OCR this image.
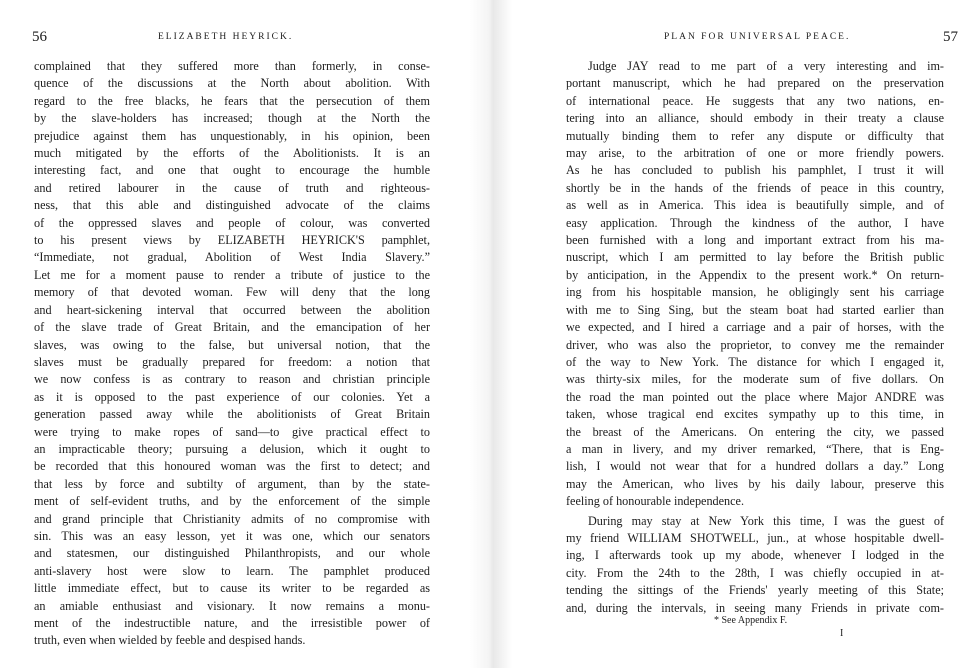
56	ELIZABETH HEYRICK.

complained that they suffered more than formerly, in conse-
quence of the discussions at the North about abolition. With
regard to the free blacks, he fears that the persecution of them
by the slave-holders has increased; though at the North the
prejudice against them has unquestionably, in his opinion, been
much mitigated by the efforts of the Abolitionists. It is an
interesting fact, and one that ought to encourage the humble
and retired labourer in the cause of truth and righteous-
ness, that this able and distinguished advocate of the claims
of the oppressed slaves and people of colour, was converted
to his present views by ELIZABETH HEYRICK'S pamphlet,
“Immediate, not gradual, Abolition of West India Slavery.”
Let me for a moment pause to render a tribute of justice to the
memory of that devoted woman. Few will deny that the long
and heart-sickening interval that occurred between the abolition
of the slave trade of Great Britain, and the emancipation of her
slaves, was owing to the false, but universal notion, that the
slaves must be gradually prepared for freedom: a notion that
we now confess is as contrary to reason and christian principle
as it is opposed to the past experience of our colonies. Yet a
generation passed away while the abolitionists of Great Britain
were trying to make ropes of sand—to give practical effect to
an impracticable theory; pursuing a delusion, which it ought to
be recorded that this honoured woman was the first to detect; and
that less by force and subtilty of argument, than by the state-
ment of self-evident truths, and by the enforcement of the simple
and grand principle that Christianity admits of no compromise with
sin. This was an easy lesson, yet it was one, which our senators
and statesmen, our distinguished Philanthropists, and our whole
anti-slavery host were slow to learn. The pamphlet produced
little immediate effect, but to cause its writer to be regarded as
an amiable enthusiast and visionary. It now remains a monu-
ment of the indestructible nature, and the irresistible power of
truth, even when wielded by feeble and despised hands.

PLAN FOR UNIVERSAL PEACE.	57

Judge JAY read to me part of a very interesting and im-
portant manuscript, which he had prepared on the preservation
of international peace. He suggests that any two nations, en-
tering into an alliance, should embody in their treaty a clause
mutually binding them to refer any dispute or difficulty that
may arise, to the arbitration of one or more friendly powers.
As he has concluded to publish his pamphlet, I trust it will
shortly be in the hands of the friends of peace in this country,
as well as in America. This idea is beautifully simple, and of
easy application. Through the kindness of the author, I have
been furnished with a long and important extract from his ma-
nuscript, which I am permitted to lay before the British public
by anticipation, in the Appendix to the present work.* On return-
ing from his hospitable mansion, he obligingly sent his carriage
with me to Sing Sing, but the steam boat had started earlier than
we expected, and I hired a carriage and a pair of horses, with the
driver, who was also the proprietor, to convey me the remainder
of the way to New York. The distance for which I engaged it,
was thirty-six miles, for the moderate sum of five dollars. On
the road the man pointed out the place where Major ANDRE was
taken, whose tragical end excites sympathy up to this time, in
the breast of the Americans. On entering the city, we passed
a man in livery, and my driver remarked, “There, that is Eng-
lish, I would not wear that for a hundred dollars a day.” Long
may the American, who lives by his daily labour, preserve this
feeling of honourable independence.

During may stay at New York this time, I was the guest of
my friend WILLIAM SHOTWELL, jun., at whose hospitable dwell-
ing, I afterwards took up my abode, whenever I lodged in the
city. From the 24th to the 28th, I was chiefly occupied in at-
tending the sittings of the Friends' yearly meeting of this State;
and, during the intervals, in seeing many Friends in private com-

* See Appendix F.
I
